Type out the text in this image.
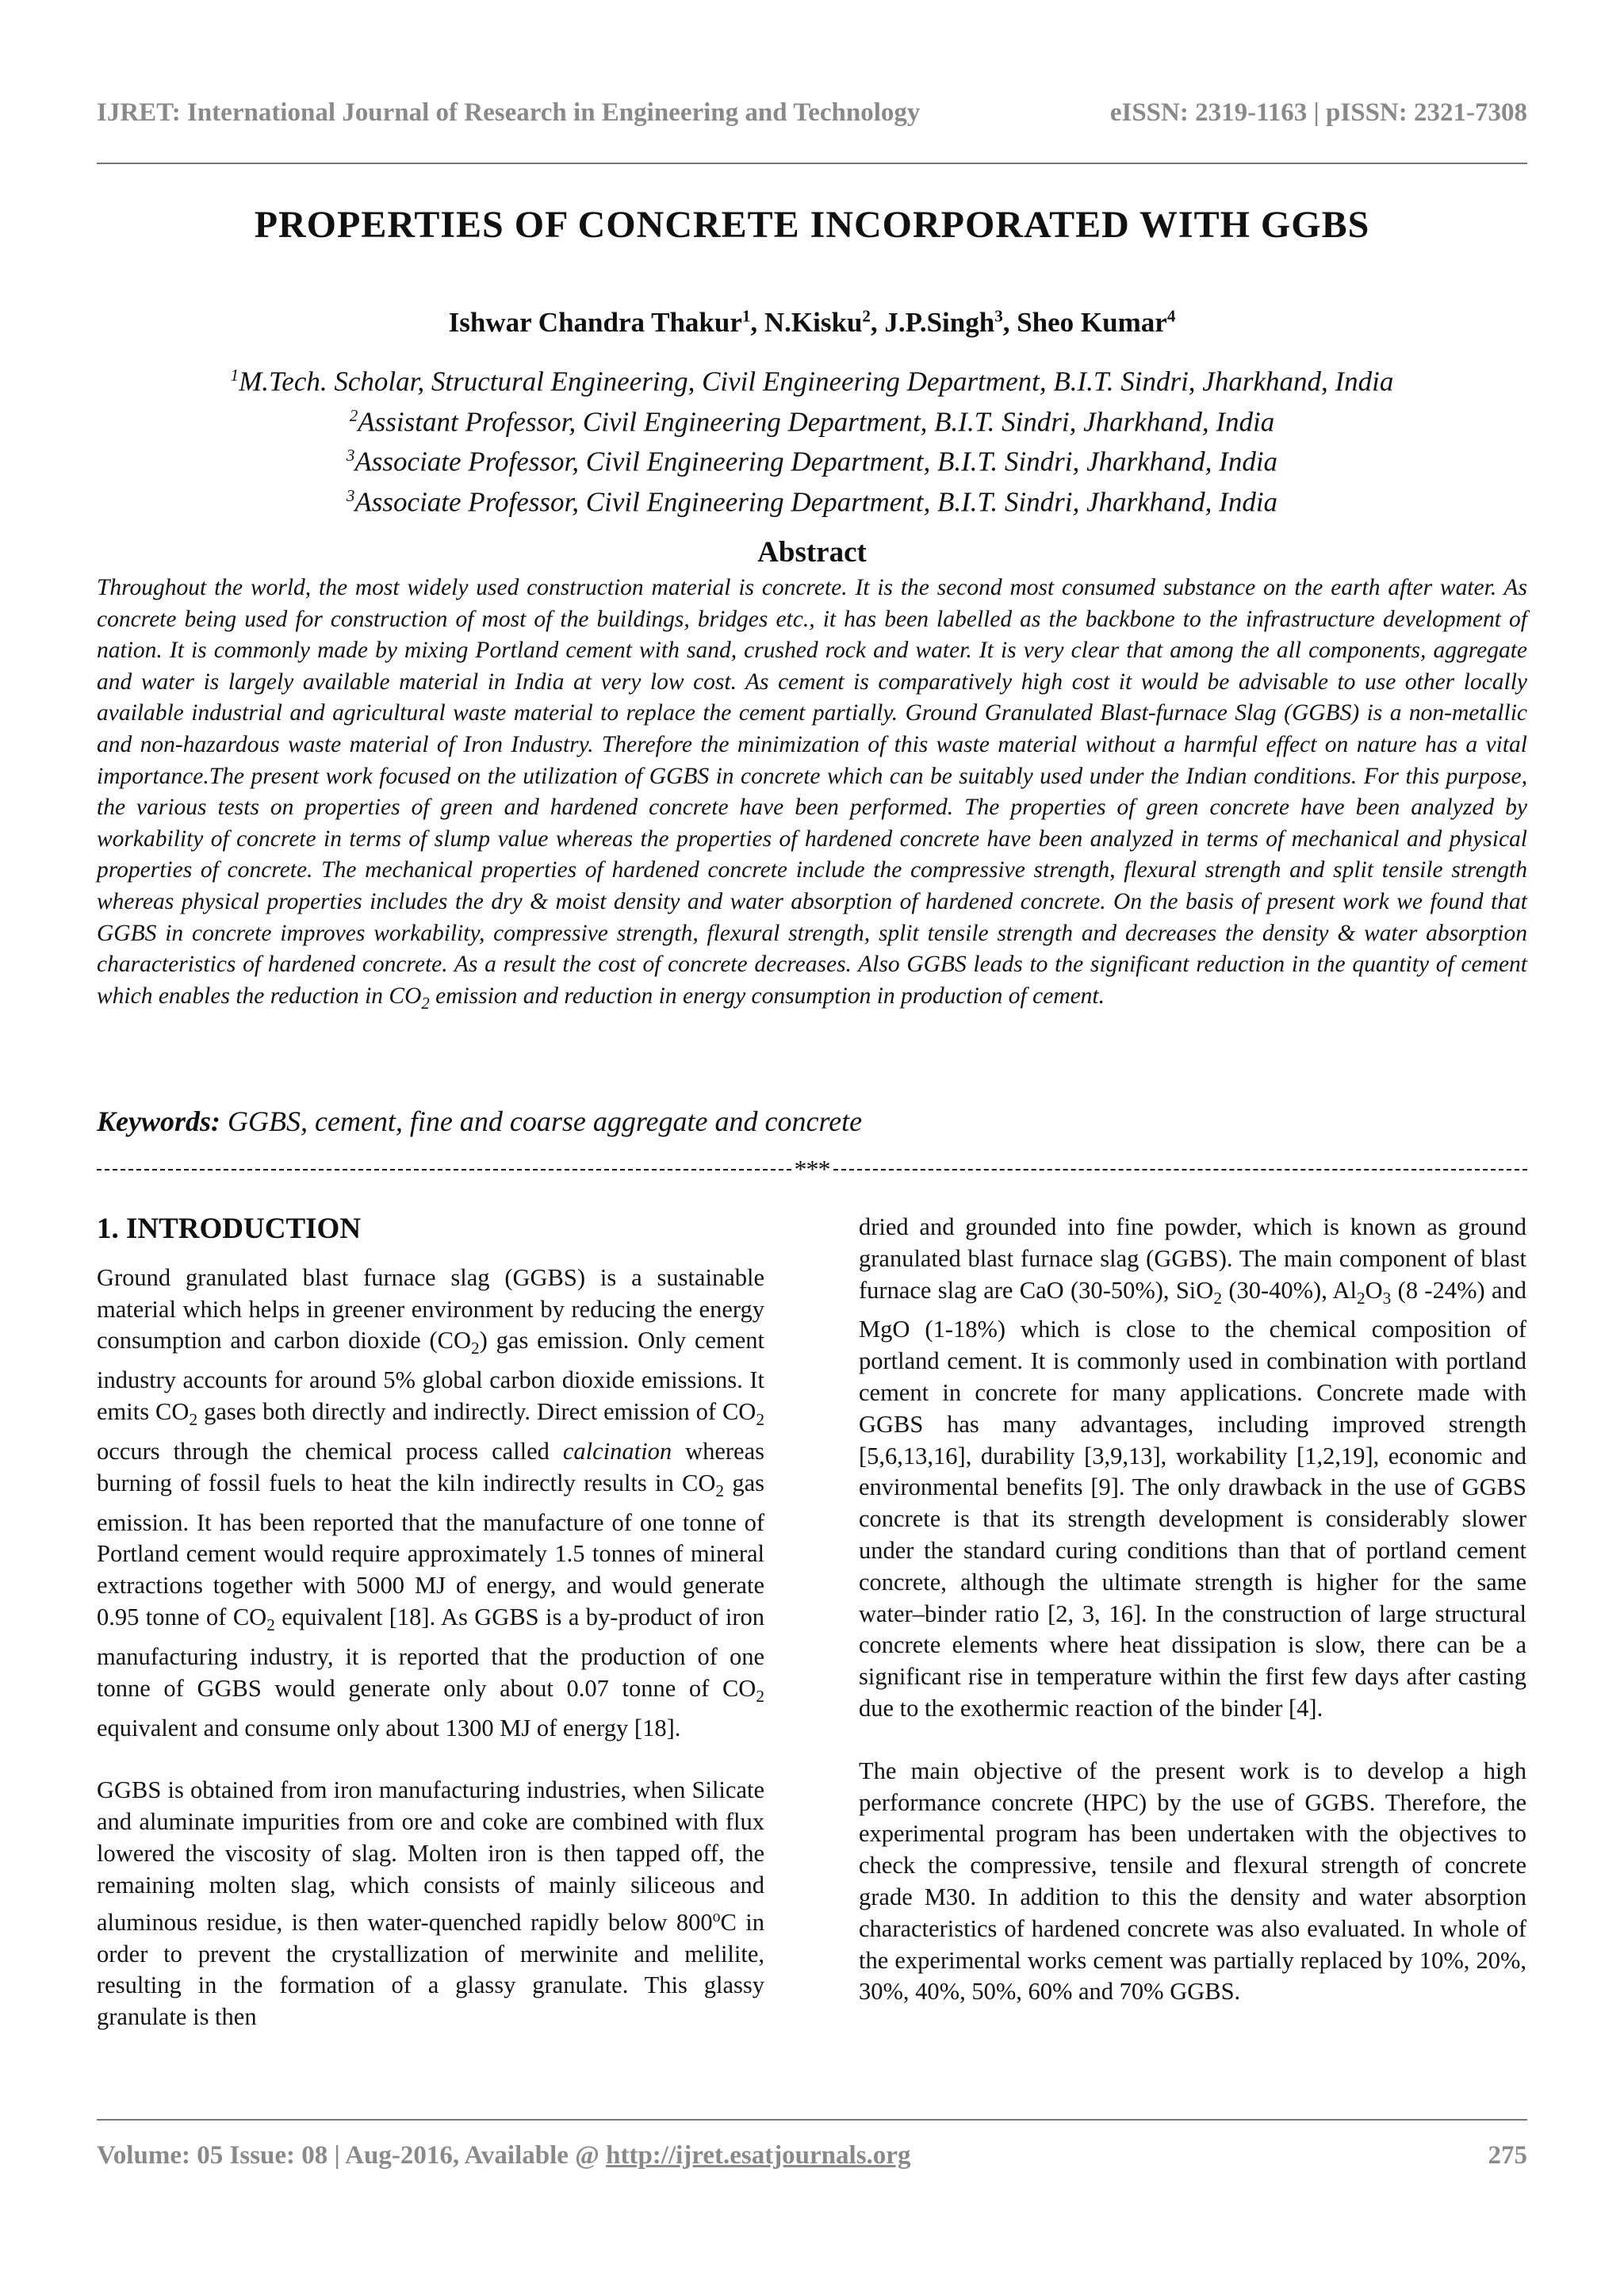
IJRET: International Journal of Research in Engineering and Technology	eISSN: 2319-1163 | pISSN: 2321-7308
PROPERTIES OF CONCRETE INCORPORATED WITH GGBS
Ishwar Chandra Thakur$^1$, N.Kisku$^2$, J.P.Singh$^3$, Sheo Kumar$^4$
$^1$M.Tech. Scholar, Structural Engineering, Civil Engineering Department, B.I.T. Sindri, Jharkhand, India
$^2$Assistant Professor, Civil Engineering Department, B.I.T. Sindri, Jharkhand, India
$^3$Associate Professor, Civil Engineering Department, B.I.T. Sindri, Jharkhand, India
$^3$Associate Professor, Civil Engineering Department, B.I.T. Sindri, Jharkhand, India
Abstract
Throughout the world, the most widely used construction material is concrete. It is the second most consumed substance on the earth after water. As concrete being used for construction of most of the buildings, bridges etc., it has been labelled as the backbone to the infrastructure development of nation. It is commonly made by mixing Portland cement with sand, crushed rock and water. It is very clear that among the all components, aggregate and water is largely available material in India at very low cost. As cement is comparatively high cost it would be advisable to use other locally available industrial and agricultural waste material to replace the cement partially. Ground Granulated Blast-furnace Slag (GGBS) is a non-metallic and non-hazardous waste material of Iron Industry. Therefore the minimization of this waste material without a harmful effect on nature has a vital importance.The present work focused on the utilization of GGBS in concrete which can be suitably used under the Indian conditions. For this purpose, the various tests on properties of green and hardened concrete have been performed. The properties of green concrete have been analyzed by workability of concrete in terms of slump value whereas the properties of hardened concrete have been analyzed in terms of mechanical and physical properties of concrete. The mechanical properties of hardened concrete include the compressive strength, flexural strength and split tensile strength whereas physical properties includes the dry & moist density and water absorption of hardened concrete. On the basis of present work we found that GGBS in concrete improves workability, compressive strength, flexural strength, split tensile strength and decreases the density & water absorption characteristics of hardened concrete. As a result the cost of concrete decreases. Also GGBS leads to the significant reduction in the quantity of cement which enables the reduction in $CO_2$ emission and reduction in energy consumption in production of cement.
Keywords: GGBS, cement, fine and coarse aggregate and concrete
***
1. INTRODUCTION

Ground granulated blast furnace slag (GGBS) is a sustainable material which helps in greener environment by reducing the energy consumption and carbon dioxide $(CO_2)$ gas emission. Only cement industry accounts for around 5% global carbon dioxide emissions. It emits $CO_2$ gases both directly and indirectly. Direct emission of $CO_2$ occurs through the chemical process called calcination whereas burning of fossil fuels to heat the kiln indirectly results in $CO_2$ gas emission. It has been reported that the manufacture of one tonne of Portland cement would require approximately 1.5 tonnes of mineral extractions together with 5000 MJ of energy, and would generate 0.95 tonne of $CO_2$ equivalent [18]. As GGBS is a by-product of iron manufacturing industry, it is reported that the production of one tonne of GGBS would generate only about 0.07 tonne of $CO_2$ equivalent and consume only about 1300 MJ of energy [18].

GGBS is obtained from iron manufacturing industries, when Silicate and aluminate impurities from ore and coke are combined with flux lowered the viscosity of slag. Molten iron is then tapped off, the remaining molten slag, which consists of mainly siliceous and aluminous residue, is then water-quenched rapidly below 800$^o$C in order to prevent the crystallization of merwinite and melilite, resulting in the formation of a glassy granulate. This glassy granulate is then

dried and grounded into fine powder, which is known as ground granulated blast furnace slag (GGBS). The main component of blast furnace slag are CaO (30-50%), SiO$_2$ (30-40%), $Al_2O_3$ (8 -24%) and MgO (1-18%) which is close to the chemical composition of portland cement. It is commonly used in combination with portland cement in concrete for many applications. Concrete made with GGBS has many advantages, including improved strength [5,6,13,16], durability [3,9,13], workability [1,2,19], economic and environmental benefits [9]. The only drawback in the use of GGBS concrete is that its strength development is considerably slower under the standard curing conditions than that of portland cement concrete, although the ultimate strength is higher for the same water–binder ratio [2, 3, 16]. In the construction of large structural concrete elements where heat dissipation is slow, there can be a significant rise in temperature within the first few days after casting due to the exothermic reaction of the binder [4].

The main objective of the present work is to develop a high performance concrete (HPC) by the use of GGBS. Therefore, the experimental program has been undertaken with the objectives to check the compressive, tensile and flexural strength of concrete grade M30. In addition to this the density and water absorption characteristics of hardened concrete was also evaluated. In whole of the experimental works cement was partially replaced by 10%, 20%, 30%, 40%, 50%, 60% and 70% GGBS.

Volume: 05 Issue: 08 | Aug-2016, Available @ http://ijret.esatjournals.org	275
